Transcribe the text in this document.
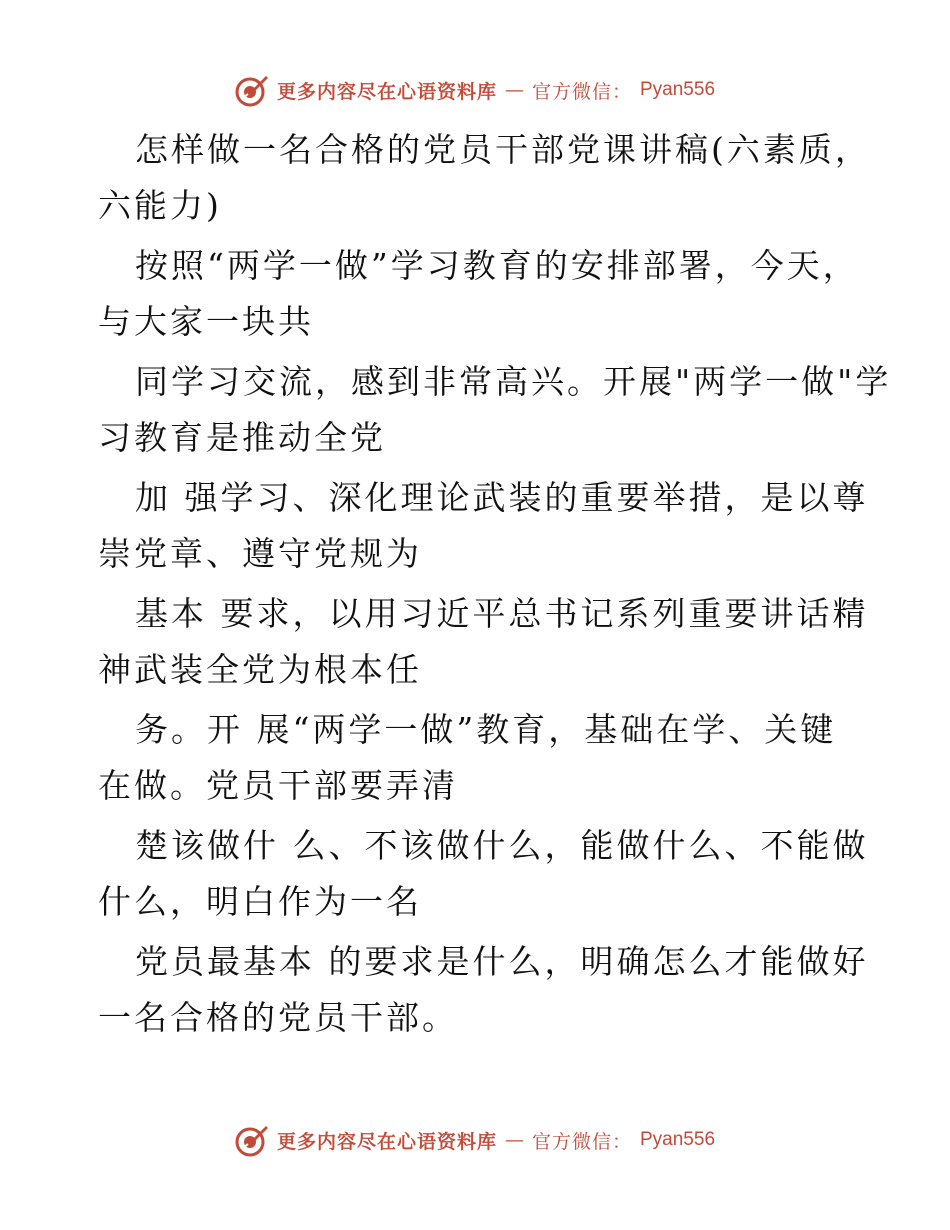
更多内容尽在心语资料库 — 官方微信： Pyan556

怎样做一名合格的党员干部党课讲稿(六素质，
六能力)

按照“两学一做”学习教育的安排部署，今天，
与大家一块共

同学习交流，感到非常高兴。开展"两学一做"学
习教育是推动全党

加 强学习、深化理论武装的重要举措，是以尊
崇党章、遵守党规为

基本 要求，以用习近平总书记系列重要讲话精
神武装全党为根本任

务。开 展“两学一做”教育，基础在学、关键
在做。党员干部要弄清

楚该做什 么、不该做什么，能做什么、不能做
什么，明白作为一名

党员最基本 的要求是什么，明确怎么才能做好
一名合格的党员干部。

更多内容尽在心语资料库 — 官方微信： Pyan556
